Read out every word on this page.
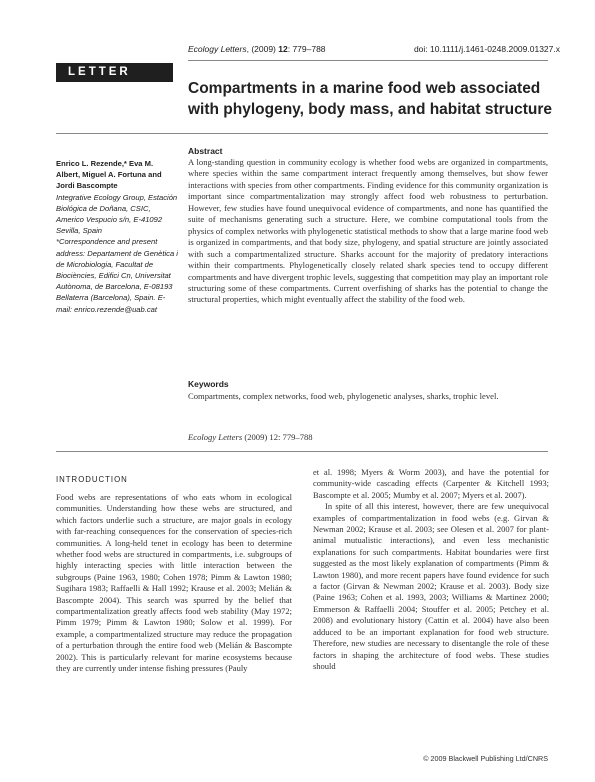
Ecology Letters, (2009) 12: 779–788	doi: 10.1111/j.1461-0248.2009.01327.x
LETTER
Compartments in a marine food web associated with phylogeny, body mass, and habitat structure
Enrico L. Rezende,* Eva M. Albert, Miguel A. Fortuna and Jordi Bascompte
Integrative Ecology Group, Estación Biológica de Doñana, CSIC, Americo Vespucio s/n, E-41092 Sevilla, Spain
*Correspondence and present address: Departament de Genètica i de Microbiologia, Facultat de Biociències, Edifici Cn, Universitat Autònoma, de Barcelona, E-08193 Bellaterra (Barcelona), Spain. E-mail: enrico.rezende@uab.cat
Abstract
A long-standing question in community ecology is whether food webs are organized in compartments, where species within the same compartment interact frequently among themselves, but show fewer interactions with species from other compartments. Finding evidence for this community organization is important since compartmentalization may strongly affect food web robustness to perturbation. However, few studies have found unequivocal evidence of compartments, and none has quantified the suite of mechanisms generating such a structure. Here, we combine computational tools from the physics of complex networks with phylogenetic statistical methods to show that a large marine food web is organized in compartments, and that body size, phylogeny, and spatial structure are jointly associated with such a compartmentalized structure. Sharks account for the majority of predatory interactions within their compartments. Phylogenetically closely related shark species tend to occupy different compartments and have divergent trophic levels, suggesting that competition may play an important role structuring some of these compartments. Current overfishing of sharks has the potential to change the structural properties, which might eventually affect the stability of the food web.
Keywords
Compartments, complex networks, food web, phylogenetic analyses, sharks, trophic level.
Ecology Letters (2009) 12: 779–788
INTRODUCTION
Food webs are representations of who eats whom in ecological communities. Understanding how these webs are structured, and which factors underlie such a structure, are major goals in ecology with far-reaching consequences for the conservation of species-rich communities. A long-held tenet in ecology has been to determine whether food webs are structured in compartments, i.e. subgroups of highly interacting species with little interaction between the subgroups (Paine 1963, 1980; Cohen 1978; Pimm & Lawton 1980; Sugihara 1983; Raffaelli & Hall 1992; Krause et al. 2003; Melián & Bascompte 2004). This search was spurred by the belief that compartmentalization greatly affects food web stability (May 1972; Pimm 1979; Pimm & Lawton 1980; Solow et al. 1999). For example, a compartmentalized structure may reduce the propagation of a perturbation through the entire food web (Melián & Bascompte 2002). This is particularly relevant for marine ecosystems because they are currently under intense fishing pressures (Pauly
et al. 1998; Myers & Worm 2003), and have the potential for community-wide cascading effects (Carpenter & Kitchell 1993; Bascompte et al. 2005; Mumby et al. 2007; Myers et al. 2007).
In spite of all this interest, however, there are few unequivocal examples of compartmentalization in food webs (e.g. Girvan & Newman 2002; Krause et al. 2003; see Olesen et al. 2007 for plant-animal mutualistic interactions), and even less mechanistic explanations for such compartments. Habitat boundaries were first suggested as the most likely explanation of compartments (Pimm & Lawton 1980), and more recent papers have found evidence for such a factor (Girvan & Newman 2002; Krause et al. 2003). Body size (Paine 1963; Cohen et al. 1993, 2003; Williams & Martinez 2000; Emmerson & Raffaelli 2004; Stouffer et al. 2005; Petchey et al. 2008) and evolutionary history (Cattin et al. 2004) have also been adduced to be an important explanation for food web structure. Therefore, new studies are necessary to disentangle the role of these factors in shaping the architecture of food webs. These studies should
© 2009 Blackwell Publishing Ltd/CNRS
